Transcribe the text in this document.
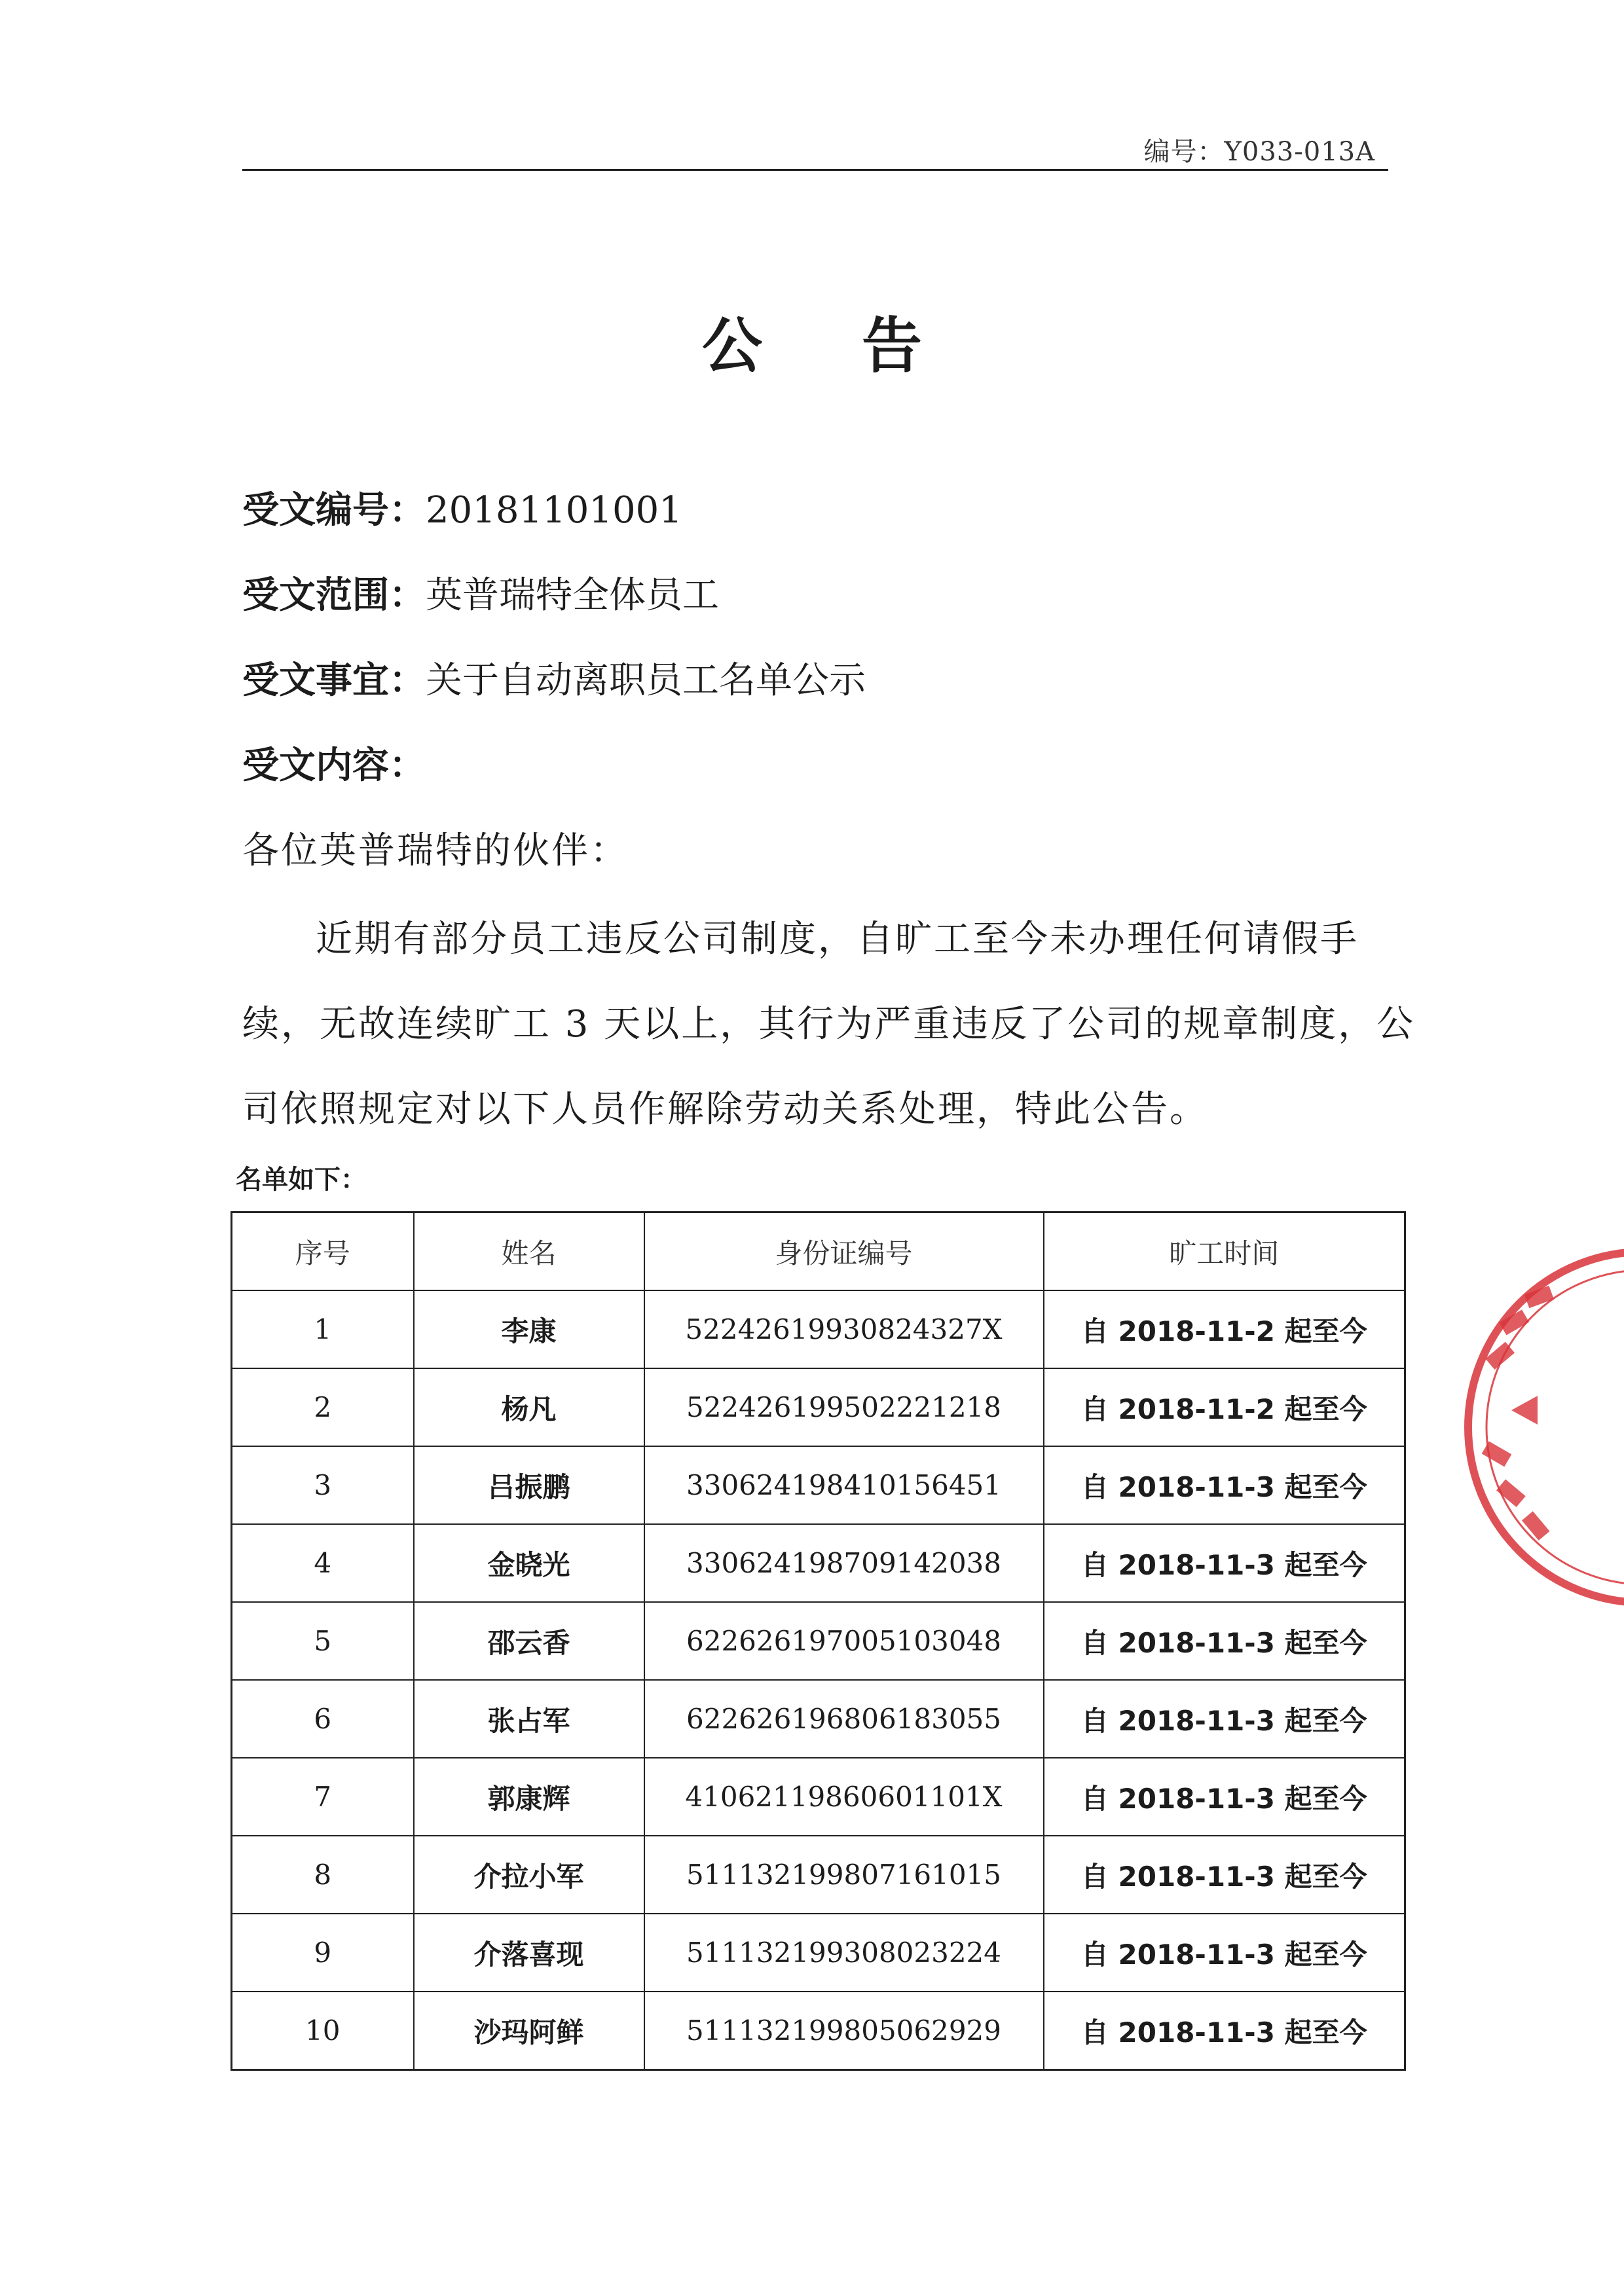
编号：Y033-013A
公 告
受文编号：20181101001
受文范围：英普瑞特全体员工
受文事宜：关于自动离职员工名单公示
受文内容：
各位英普瑞特的伙伴：
近期有部分员工违反公司制度，自旷工至今未办理任何请假手
续，无故连续旷工 3 天以上，其行为严重违反了公司的规章制度，公
司依照规定对以下人员作解除劳动关系处理，特此公告。
名单如下：
序号	姓名	身份证编号	旷工时间
1	李康	52242619930824327X	自 2018-11-2 起至今
2	杨凡	522426199502221218	自 2018-11-2 起至今
3	吕振鹏	330624198410156451	自 2018-11-3 起至今
4	金晓光	330624198709142038	自 2018-11-3 起至今
5	邵云香	622626197005103048	自 2018-11-3 起至今
6	张占军	622626196806183055	自 2018-11-3 起至今
7	郭康辉	41062119860601101X	自 2018-11-3 起至今
8	介拉小军	511132199807161015	自 2018-11-3 起至今
9	介落喜现	511132199308023224	自 2018-11-3 起至今
10	沙玛阿鲜	511132199805062929	自 2018-11-3 起至今
